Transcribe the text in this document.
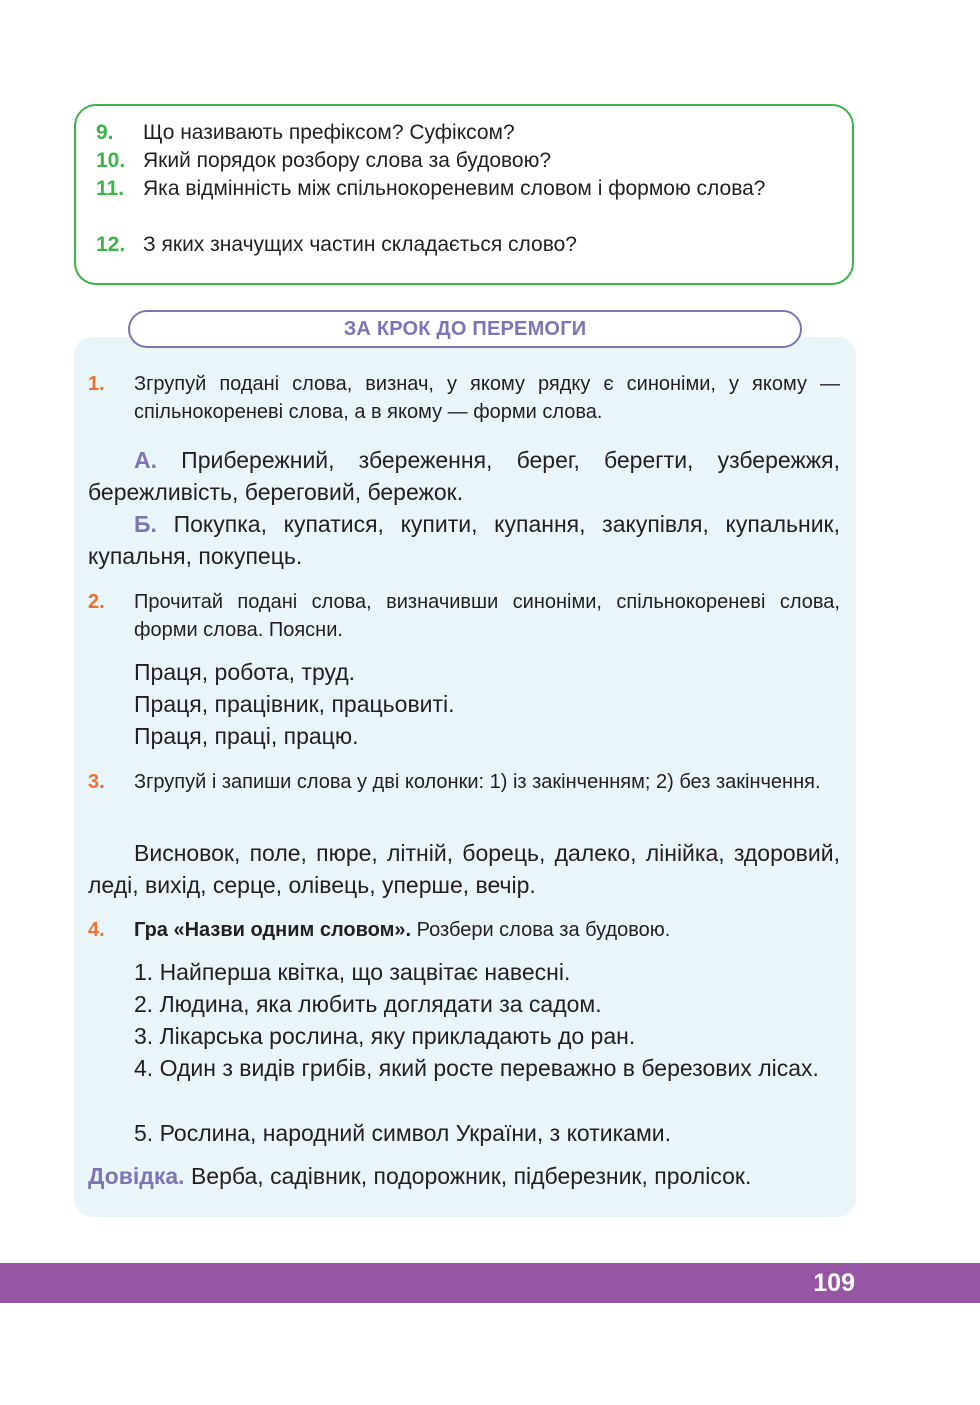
9. Що називають префіксом? Суфіксом?
10. Який порядок розбору слова за будовою?
11. Яка відмінність між спільнокореневим словом і формою слова?
12. З яких значущих частин складається слово?
ЗА КРОК ДО ПЕРЕМОГИ
1. Згрупуй подані слова, визнач, у якому рядку є синоніми, у якому — спільнокореневі слова, а в якому — форми слова.
А. Прибережний, збереження, берег, берегти, узбережжя, бережливість, береговий, бережок.
Б. Покупка, купатися, купити, купання, закупівля, купальник, купальня, покупець.
2. Прочитай подані слова, визначивши синоніми, спільнокореневі слова, форми слова. Поясни.
Праця, робота, труд.
Праця, працівник, працьовиті.
Праця, праці, працю.
3. Згрупуй і запиши слова у дві колонки: 1) із закінченням; 2) без закінчення.
Висновок, поле, пюре, літній, борець, далеко, лінійка, здоровий, леді, вихід, серце, олівець, уперше, вечір.
4. Гра «Назви одним словом». Розбери слова за будовою.
1. Найперша квітка, що зацвітає навесні.
2. Людина, яка любить доглядати за садом.
3. Лікарська рослина, яку прикладають до ран.
4. Один з видів грибів, який росте переважно в березових лісах.
5. Рослина, народний символ України, з котиками.
Довідка. Верба, садівник, подорожник, підберезник, пролісок.
109
